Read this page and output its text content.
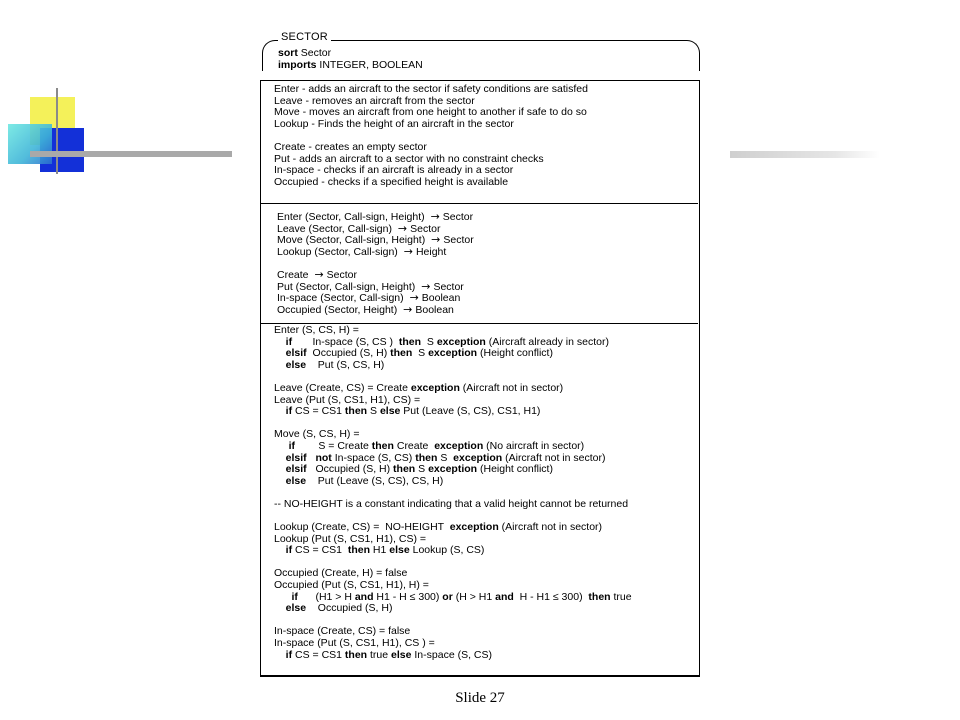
SECTOR
sort Sector
imports INTEGER, BOOLEAN
Enter - adds an aircraft to the sector if safety conditions are satisfed
Leave - removes an aircraft from the sector
Move - moves an aircraft from one height to another if safe to do so
Lookup - Finds the height of an aircraft in the sector
Create - creates an empty sector
Put - adds an aircraft to a sector with no constraint checks
In-space - checks if an aircraft is already in a sector
Occupied - checks if a specified height is available
Enter (Sector, Call-sign, Height) → Sector
Leave (Sector, Call-sign) → Sector
Move (Sector, Call-sign, Height) → Sector
Lookup (Sector, Call-sign) → Height
Create → Sector
Put (Sector, Call-sign, Height) → Sector
In-space (Sector, Call-sign) → Boolean
Occupied (Sector, Height) → Boolean
Enter (S, CS, H) =
if       In-space (S, CS )  then  S exception (Aircraft already in sector)
elsif  Occupied (S, H) then  S exception (Height conflict)
else    Put (S, CS, H)
Leave (Create, CS) = Create exception (Aircraft not in sector)
Leave (Put (S, CS1, H1), CS) =
if CS = CS1 then S else Put (Leave (S, CS), CS1, H1)
Move (S, CS, H) =
if        S = Create then Create  exception (No aircraft in sector)
elsif not In-space (S, CS) then S  exception (Aircraft not in sector)
elsif   Occupied (S, H) then S exception (Height conflict)
else    Put (Leave (S, CS), CS, H)
-- NO-HEIGHT is a constant indicating that a valid height cannot be returned
Lookup (Create, CS) =  NO-HEIGHT  exception (Aircraft not in sector)
Lookup (Put (S, CS1, H1), CS) =
if CS = CS1  then H1 else Lookup (S, CS)
Occupied (Create, H) = false
Occupied (Put (S, CS1, H1), H) =
if      (H1 > H and H1 - H ≤ 300) or (H > H1 and  H - H1 ≤ 300)  then true
else    Occupied (S, H)
In-space (Create, CS) = false
In-space (Put (S, CS1, H1), CS ) =
if CS = CS1 then true else In-space (S, CS)
Slide 27
